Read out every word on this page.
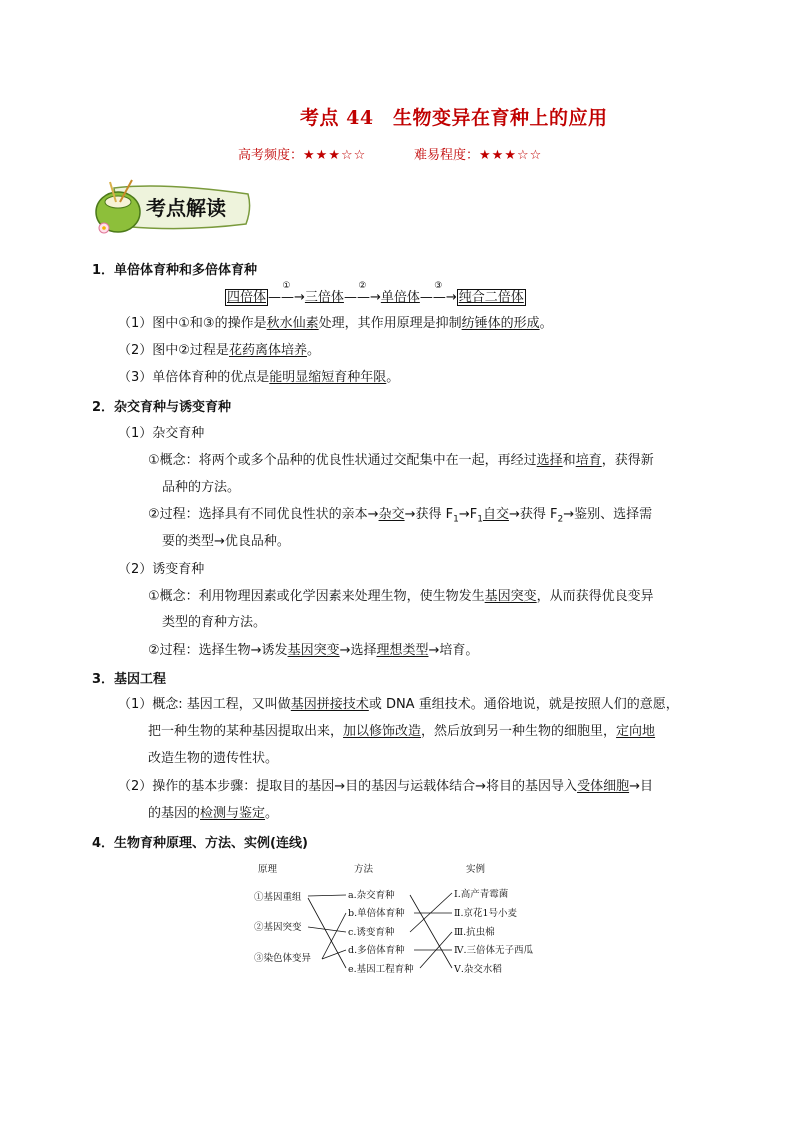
考点 44　生物变异在育种上的应用
高考频度：★★★☆☆	难易程度：★★★☆☆
考点解读
1．单倍体育种和多倍体育种
四倍体 ——→
①
三倍体——→
②
单倍体——→
③
纯合二倍体
（1）图中①和③的操作是秋水仙素处理，其作用原理是抑制纺锤体的形成。
（2）图中②过程是花药离体培养。
（3）单倍体育种的优点是能明显缩短育种年限。
2．杂交育种与诱变育种
（1）杂交育种
①概念：将两个或多个品种的优良性状通过交配集中在一起，再经过选择和培育，获得新
品种的方法。
②过程：选择具有不同优良性状的亲本→杂交→获得 $F_1\to F_1$自交→获得 $F_2\to$鉴别、选择需
要的类型→优良品种。
（2）诱变育种
①概念：利用物理因素或化学因素来处理生物，使生物发生基因突变，从而获得优良变异
类型的育种方法。
②过程：选择生物→诱发基因突变→选择理想类型→培育。
3．基因工程
（1）概念: 基因工程，又叫做基因拼接技术或 DNA 重组技术。通俗地说，就是按照人们的意愿，
把一种生物的某种基因提取出来，加以修饰改造，然后放到另一种生物的细胞里，定向地
改造生物的遗传性状。
（2）操作的基本步骤：提取目的基因→目的基因与运载体结合→将目的基因导入受体细胞→目
的基因的检测与鉴定。
4．生物育种原理、方法、实例(连线)
原理	方法	实例
①基因重组
②基因突变
③染色体变异
a.杂交育种
b.单倍体育种
c.诱变育种
d.多倍体育种
e.基因工程育种
Ⅰ.高产青霉菌
Ⅱ.京花1号小麦
Ⅲ.抗虫棉
Ⅳ.三倍体无子西瓜
Ⅴ.杂交水稻
